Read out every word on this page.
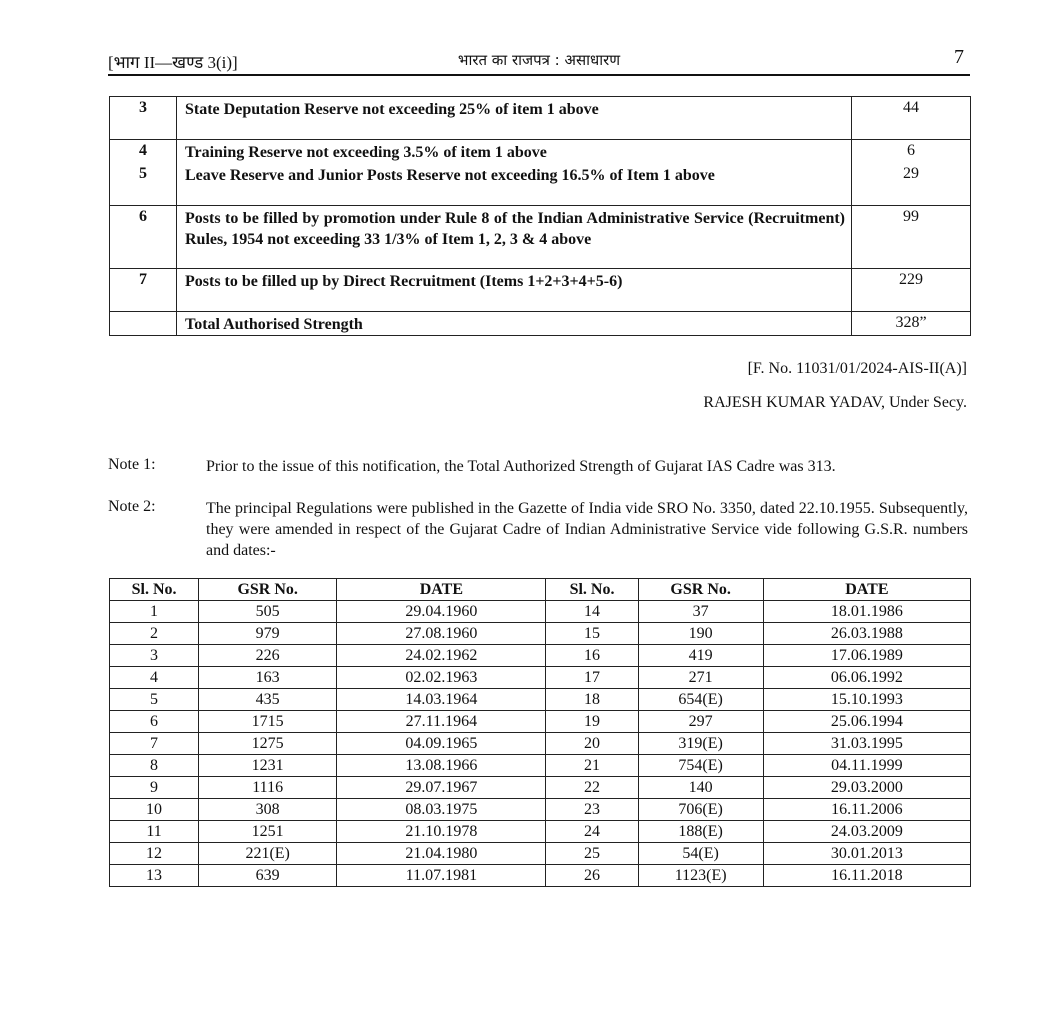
[भाग II—खण्ड 3(i)]	भारत का राजपत्र : असाधारण	7
3	State Deputation Reserve not exceeding 25% of item 1 above	44
4	Training Reserve not exceeding 3.5% of item 1 above	6
5	Leave Reserve and Junior Posts Reserve not exceeding 16.5% of Item 1 above	29
6	Posts to be filled by promotion under Rule 8 of the Indian Administrative Service (Recruitment) Rules, 1954 not exceeding 33 1/3% of Item 1, 2, 3 & 4 above	99
7	Posts to be filled up by Direct Recruitment (Items 1+2+3+4+5-6)	229
	Total Authorised Strength	328”
[F. No. 11031/01/2024-AIS-II(A)]
RAJESH KUMAR YADAV, Under Secy.
Note 1:	Prior to the issue of this notification, the Total Authorized Strength of Gujarat IAS Cadre was 313.
Note 2:	The principal Regulations were published in the Gazette of India vide SRO No. 3350, dated 22.10.1955. Subsequently, they were amended in respect of the Gujarat Cadre of Indian Administrative Service vide following G.S.R. numbers and dates:-
Sl. No.	GSR No.	DATE	Sl. No.	GSR No.	DATE
1	505	29.04.1960	14	37	18.01.1986
2	979	27.08.1960	15	190	26.03.1988
3	226	24.02.1962	16	419	17.06.1989
4	163	02.02.1963	17	271	06.06.1992
5	435	14.03.1964	18	654(E)	15.10.1993
6	1715	27.11.1964	19	297	25.06.1994
7	1275	04.09.1965	20	319(E)	31.03.1995
8	1231	13.08.1966	21	754(E)	04.11.1999
9	1116	29.07.1967	22	140	29.03.2000
10	308	08.03.1975	23	706(E)	16.11.2006
11	1251	21.10.1978	24	188(E)	24.03.2009
12	221(E)	21.04.1980	25	54(E)	30.01.2013
13	639	11.07.1981	26	1123(E)	16.11.2018
